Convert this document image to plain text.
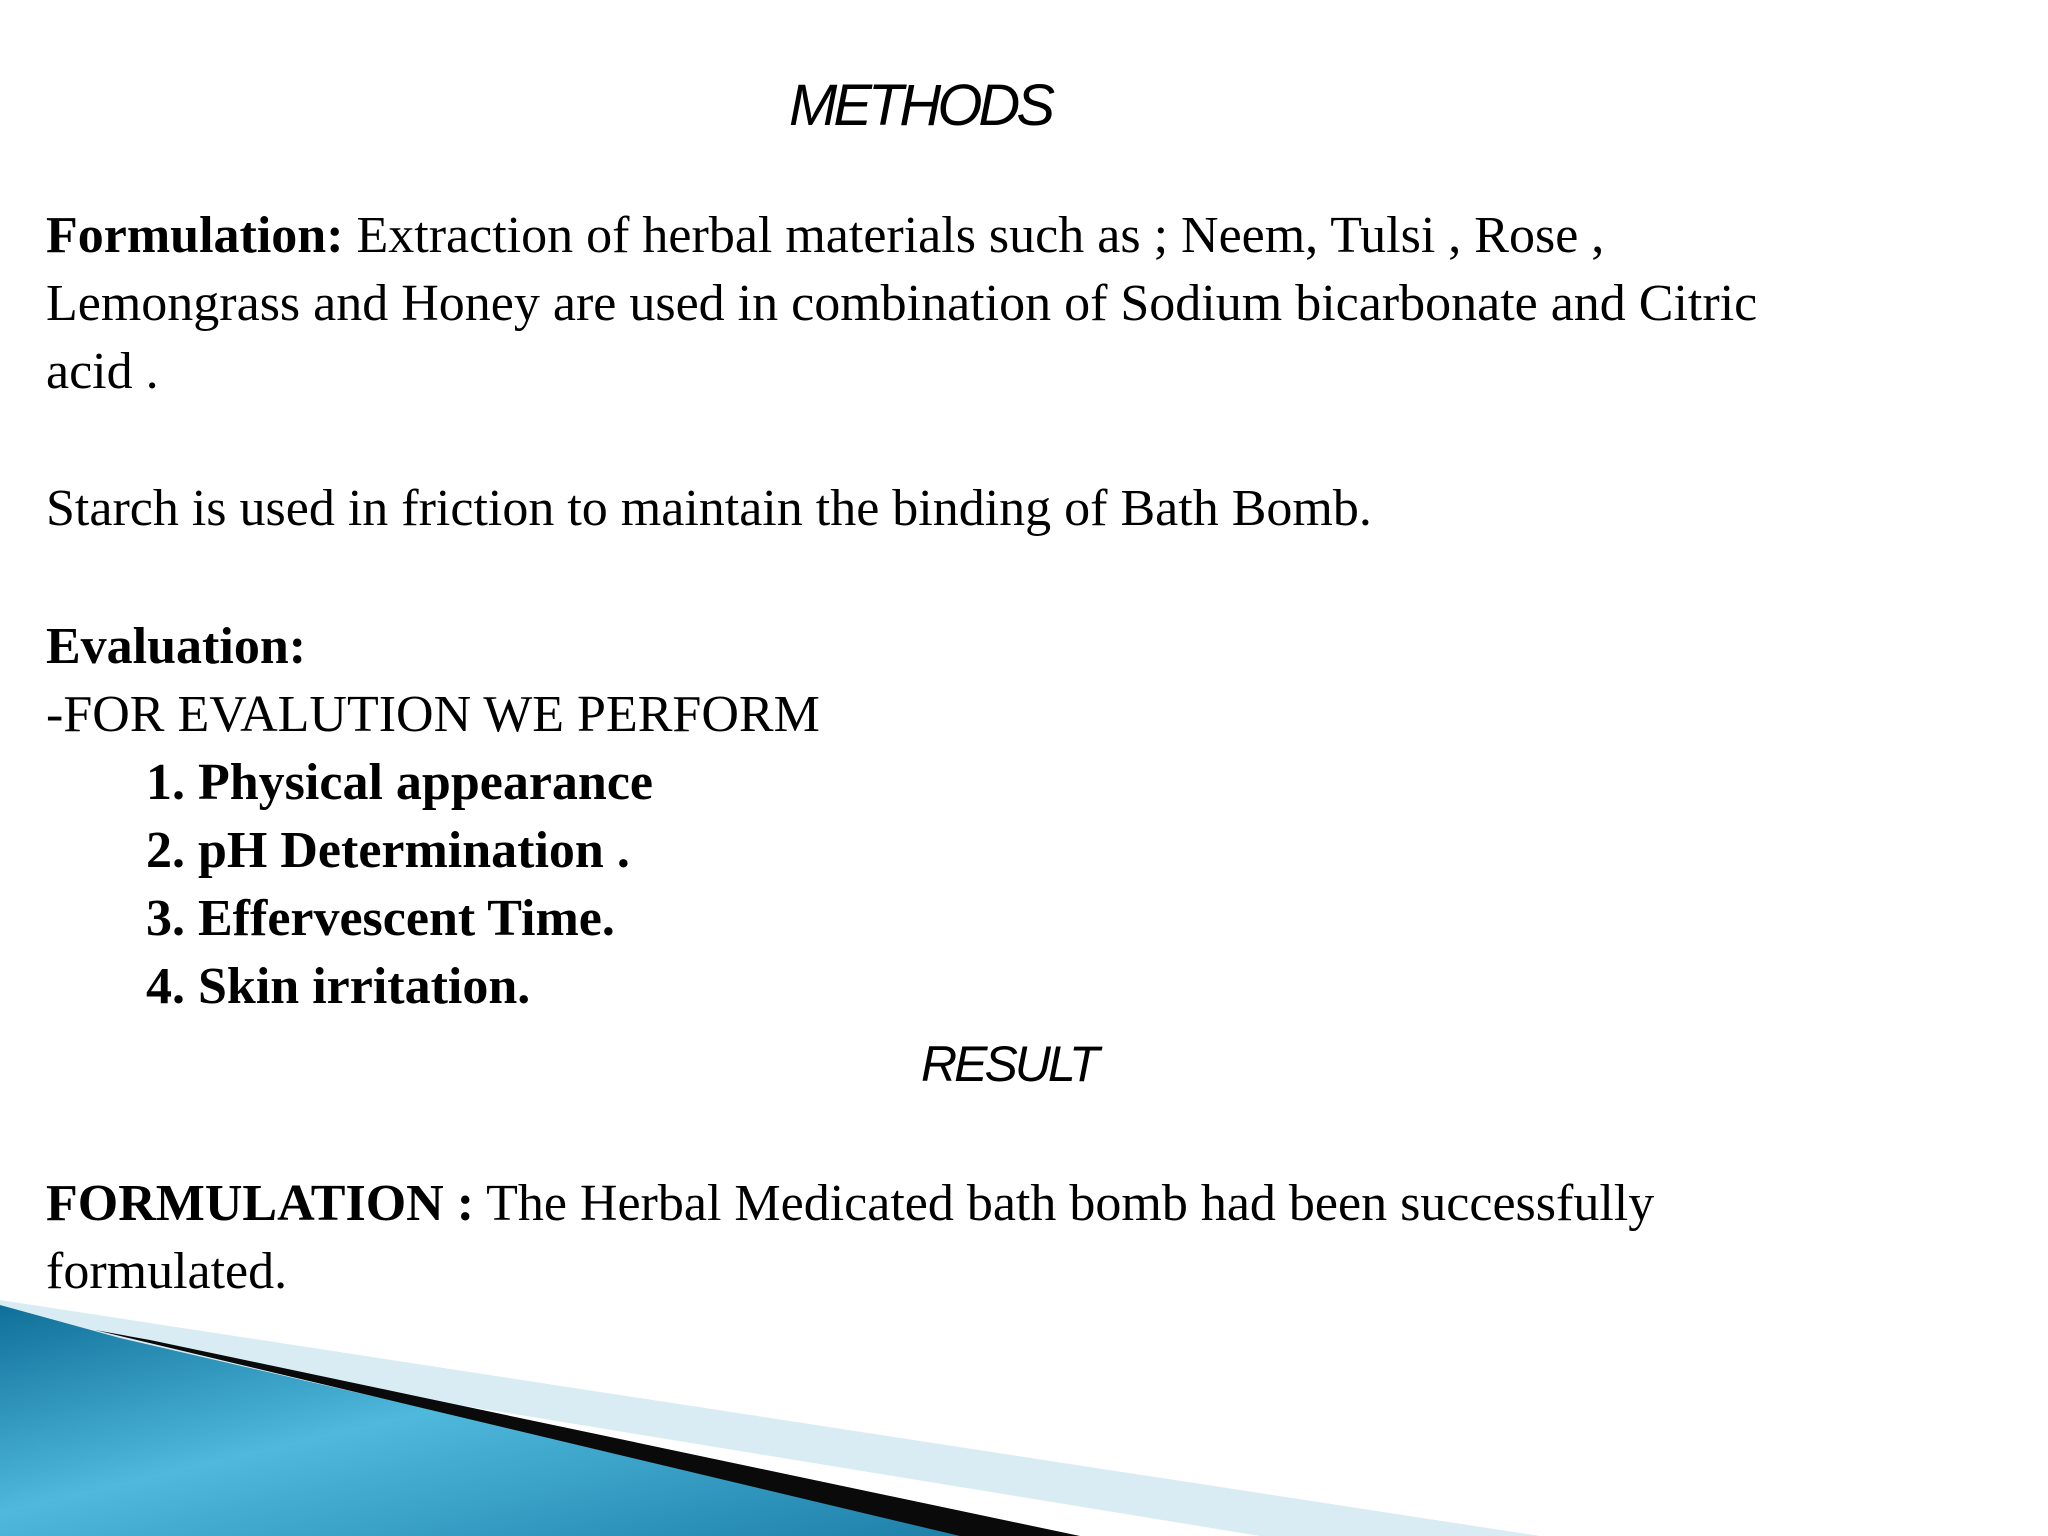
METHODS
Formulation: Extraction of herbal materials such as ; Neem, Tulsi , Rose ,
Lemongrass and Honey are used in combination of Sodium bicarbonate and Citric
acid .
Starch is used in friction to maintain the binding of Bath Bomb.
Evaluation:
-FOR EVALUTION WE PERFORM
1. Physical appearance
2. pH Determination .
3. Effervescent Time.
4. Skin irritation.
RESULT
FORMULATION : The Herbal Medicated bath bomb had been successfully
formulated.
